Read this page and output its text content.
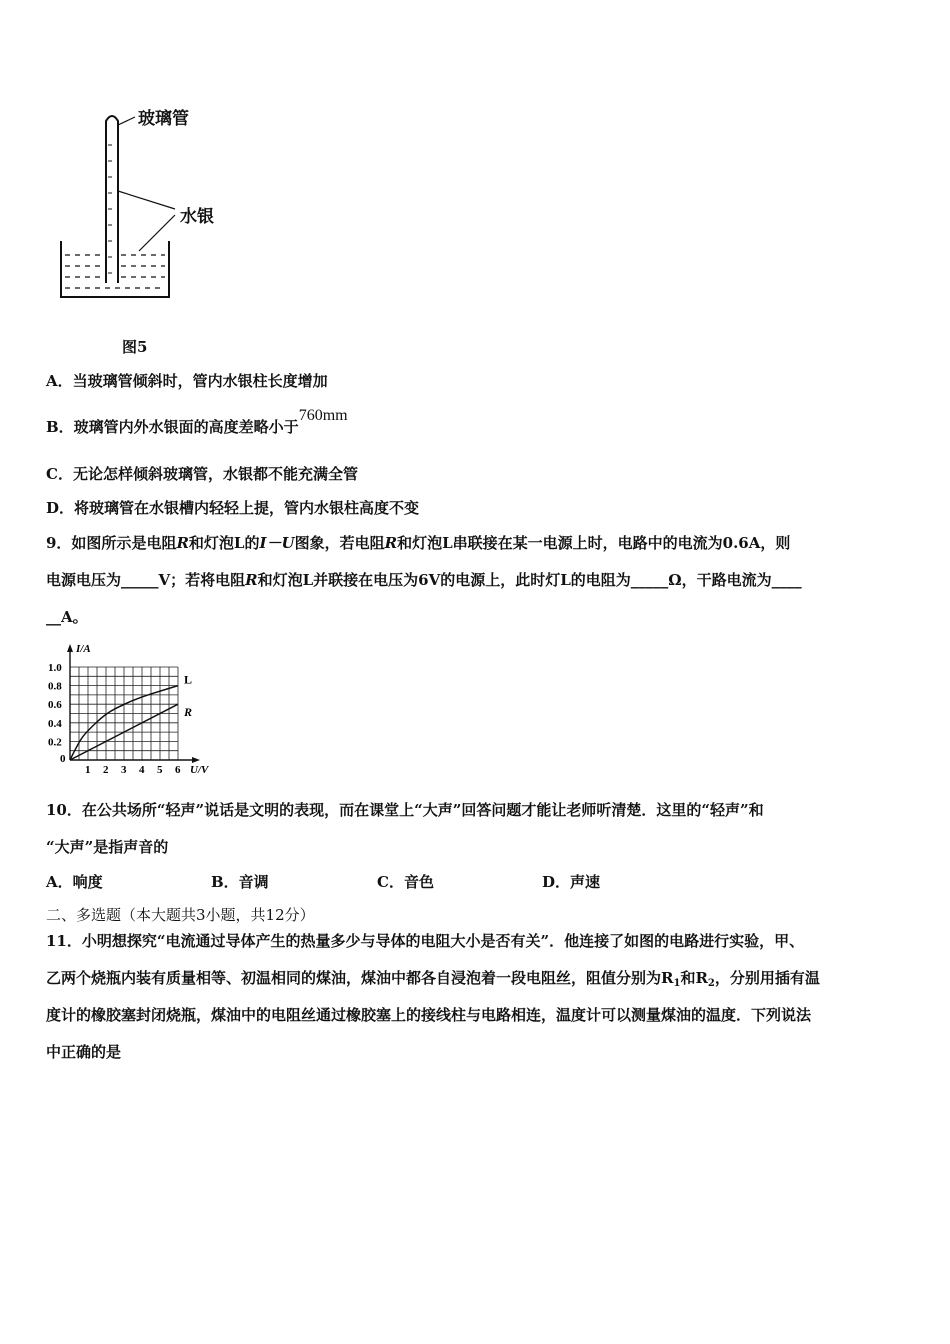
玻璃管
水银
图5
A．当玻璃管倾斜时，管内水银柱长度增加
B．玻璃管内外水银面的高度差略小于760mm
C．无论怎样倾斜玻璃管，水银都不能充满全管
D．将玻璃管在水银槽内轻轻上提，管内水银柱高度不变
9．如图所示是电阻R和灯泡L的I－U图象，若电阻R和灯泡L串联接在某一电源上时，电路中的电流为0.6A，则
电源电压为_____V；若将电阻R和灯泡L并联接在电压为6V的电源上，此时灯L的电阻为_____Ω，干路电流为____
__A。
0
1 2 3 4 5 6
0.2
0.4
0.6
0.8
1.0
I/A
U/V
L
R
10．在公共场所“轻声”说话是文明的表现，而在课堂上“大声”回答问题才能让老师听清楚．这里的“轻声”和
“大声”是指声音的
A．响度	B．音调	C．音色	D．声速
二、多选题（本大题共3小题，共12分）
11．小明想探究“电流通过导体产生的热量多少与导体的电阻大小是否有关”．他连接了如图的电路进行实验，甲、
乙两个烧瓶内装有质量相等、初温相同的煤油，煤油中都各自浸泡着一段电阻丝，阻值分别为$R_1$和$R_2$，分别用插有温
度计的橡胶塞封闭烧瓶，煤油中的电阻丝通过橡胶塞上的接线柱与电路相连，温度计可以测量煤油的温度．下列说法
中正确的是
